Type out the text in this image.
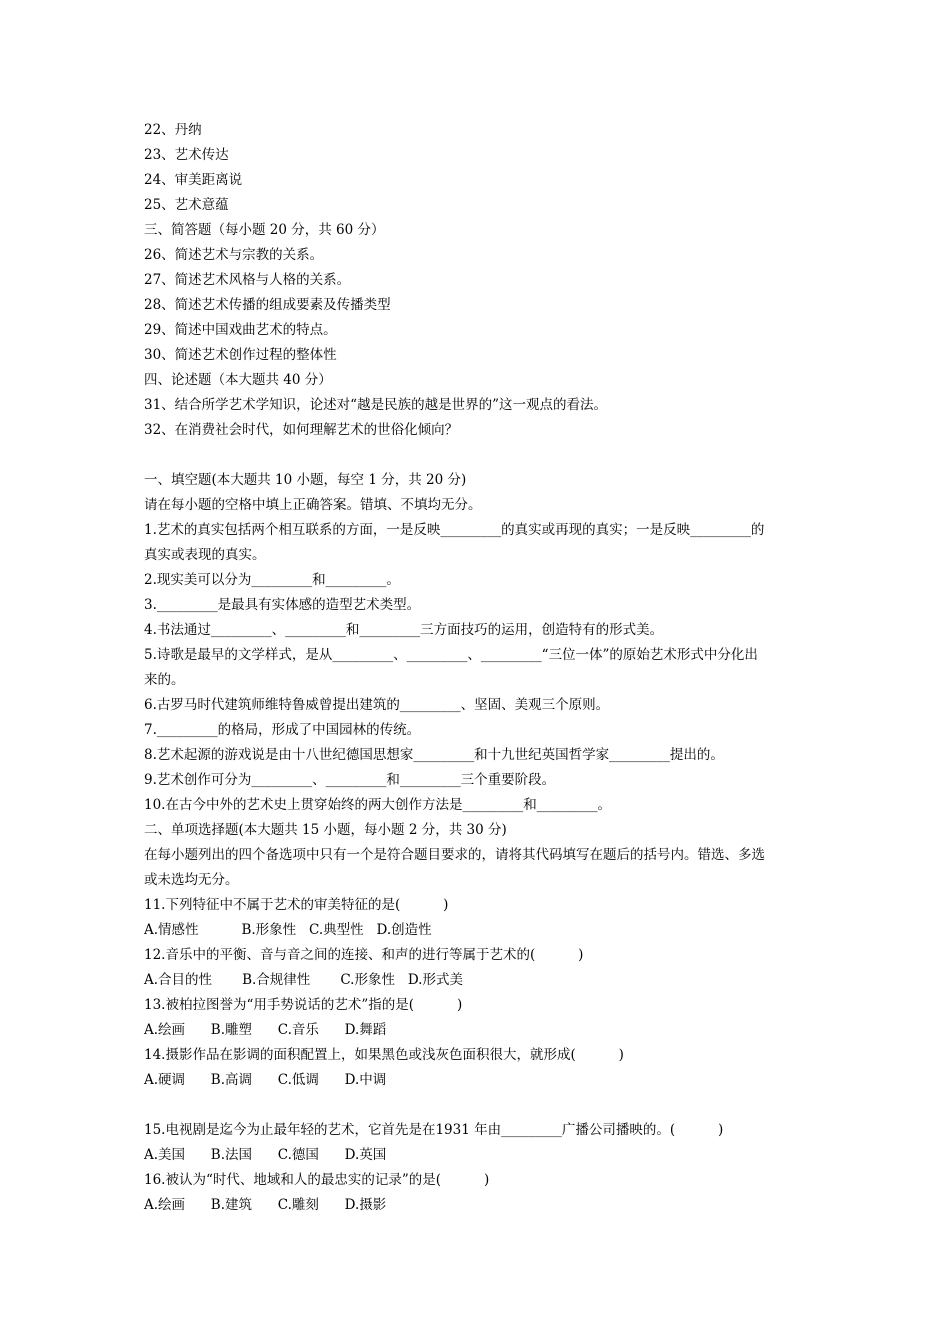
22、丹纳
23、艺术传达
24、审美距离说
25、艺术意蕴
三、简答题（每小题 20 分，共 60 分）
26、简述艺术与宗教的关系。
27、简述艺术风格与人格的关系。
28、简述艺术传播的组成要素及传播类型
29、简述中国戏曲艺术的特点。
30、简述艺术创作过程的整体性
四、论述题（本大题共 40 分）
31、结合所学艺术学知识，论述对“越是民族的越是世界的”这一观点的看法。
32、在消费社会时代，如何理解艺术的世俗化倾向？
一、填空题(本大题共 10 小题，每空 1 分，共 20 分)
请在每小题的空格中填上正确答案。错填、不填均无分。
1.艺术的真实包括两个相互联系的方面，一是反映_________的真实或再现的真实；一是反映_________的
真实或表现的真实。
2.现实美可以分为_________和_________。
3._________是最具有实体感的造型艺术类型。
4.书法通过_________、_________和_________三方面技巧的运用，创造特有的形式美。
5.诗歌是最早的文学样式，是从_________、_________、_________“三位一体”的原始艺术形式中分化出
来的。
6.古罗马时代建筑师维特鲁威曾提出建筑的_________、坚固、美观三个原则。
7._________的格局，形成了中国园林的传统。
8.艺术起源的游戏说是由十八世纪德国思想家_________和十九世纪英国哲学家_________提出的。
9.艺术创作可分为_________、_________和_________三个重要阶段。
10.在古今中外的艺术史上贯穿始终的两大创作方法是_________和_________。
二、单项选择题(本大题共 15 小题，每小题 2 分，共 30 分)
在每小题列出的四个备选项中只有一个是符合题目要求的，请将其代码填写在题后的括号内。错选、多选
或未选均无分。
11.下列特征中不属于艺术的审美特征的是(          )
A.情感性          B.形象性   C.典型性   D.创造性
12.音乐中的平衡、音与音之间的连接、和声的进行等属于艺术的(          )
A.合目的性       B.合规律性       C.形象性   D.形式美
13.被柏拉图誉为“用手势说话的艺术”指的是(          )
A.绘画      B.雕塑      C.音乐      D.舞蹈
14.摄影作品在影调的面积配置上，如果黑色或浅灰色面积很大，就形成(          )
A.硬调      B.高调      C.低调      D.中调
15.电视剧是迄今为止最年轻的艺术，它首先是在1931 年由_________广播公司播映的。(          )
A.美国      B.法国      C.德国      D.英国
16.被认为“时代、地域和人的最忠实的记录”的是(          )
A.绘画      B.建筑      C.雕刻      D.摄影
